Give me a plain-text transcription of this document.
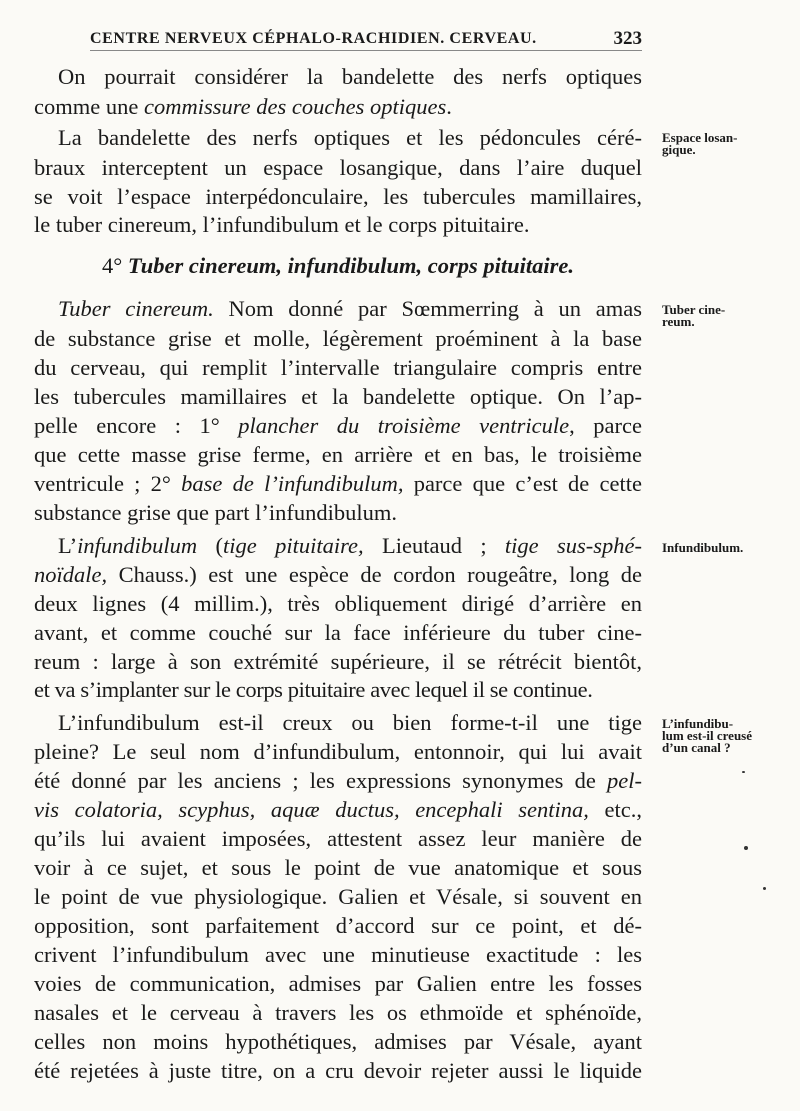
CENTRE NERVEUX CÉPHALO-RACHIDIEN. CERVEAU.	323
On pourrait considérer la bandelette des nerfs optiques
comme une commissure des couches optiques.
La bandelette des nerfs optiques et les pédoncules céré-
braux interceptent un espace losangique, dans l’aire duquel
se voit l’espace interpédonculaire, les tubercules mamillaires,
le tuber cinereum, l’infundibulum et le corps pituitaire.
4° Tuber cinereum, infundibulum, corps pituitaire.
Tuber cinereum. Nom donné par Sœmmerring à un amas
de substance grise et molle, légèrement proéminent à la base
du cerveau, qui remplit l’intervalle triangulaire compris entre
les tubercules mamillaires et la bandelette optique. On l’ap-
pelle encore : 1° plancher du troisième ventricule, parce
que cette masse grise ferme, en arrière et en bas, le troisième
ventricule ; 2° base de l’infundibulum, parce que c’est de cette
substance grise que part l’infundibulum.
L’infundibulum (tige pituitaire, Lieutaud ; tige sus-sphé-
noïdale, Chauss.) est une espèce de cordon rougeâtre, long de
deux lignes (4 millim.), très obliquement dirigé d’arrière en
avant, et comme couché sur la face inférieure du tuber cine-
reum : large à son extrémité supérieure, il se rétrécit bientôt,
et va s’implanter sur le corps pituitaire avec lequel il se continue.
L’infundibulum est-il creux ou bien forme-t-il une tige
pleine? Le seul nom d’infundibulum, entonnoir, qui lui avait
été donné par les anciens ; les expressions synonymes de pel-
vis colatoria, scyphus, aquæ ductus, encephali sentina, etc.,
qu’ils lui avaient imposées, attestent assez leur manière de
voir à ce sujet, et sous le point de vue anatomique et sous
le point de vue physiologique. Galien et Vésale, si souvent en
opposition, sont parfaitement d’accord sur ce point, et dé-
crivent l’infundibulum avec une minutieuse exactitude : les
voies de communication, admises par Galien entre les fosses
nasales et le cerveau à travers les os ethmoïde et sphénoïde,
celles non moins hypothétiques, admises par Vésale, ayant
été rejetées à juste titre, on a cru devoir rejeter aussi le liquide
Espace losan-
gique.
Tuber cine-
reum.
Infundibulum.
L’infundibu-
lum est-il creusé
d’un canal ?
